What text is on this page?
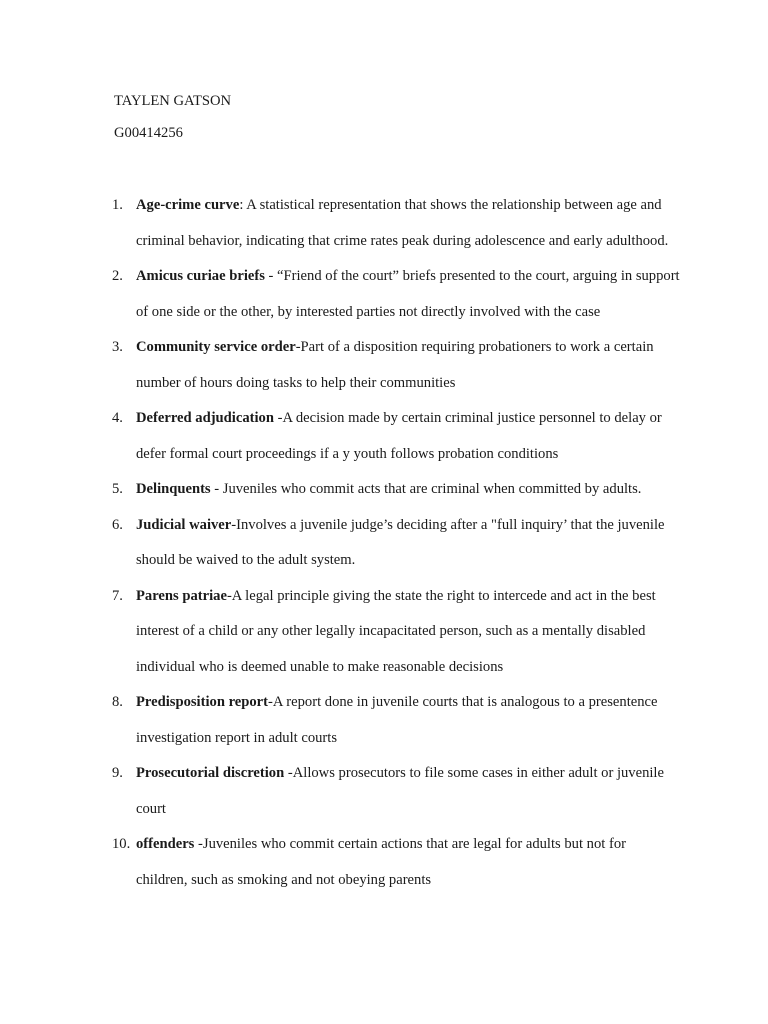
TAYLEN GATSON
G00414256
1. Age-crime curve: A statistical representation that shows the relationship between age and criminal behavior, indicating that crime rates peak during adolescence and early adulthood.
2. Amicus curiae briefs - “Friend of the court” briefs presented to the court, arguing in support of one side or the other, by interested parties not directly involved with the case
3. Community service order-Part of a disposition requiring probationers to work a certain number of hours doing tasks to help their communities
4. Deferred adjudication -A decision made by certain criminal justice personnel to delay or defer formal court proceedings if a y youth follows probation conditions
5. Delinquents - Juveniles who commit acts that are criminal when committed by adults.
6. Judicial waiver-Involves a juvenile judge’s deciding after a "full inquiry’ that the juvenile should be waived to the adult system.
7. Parens patriae-A legal principle giving the state the right to intercede and act in the best interest of a child or any other legally incapacitated person, such as a mentally disabled individual who is deemed unable to make reasonable decisions
8. Predisposition report-A report done in juvenile courts that is analogous to a presentence investigation report in adult courts
9. Prosecutorial discretion -Allows prosecutors to file some cases in either adult or juvenile court
10. offenders -Juveniles who commit certain actions that are legal for adults but not for children, such as smoking and not obeying parents
